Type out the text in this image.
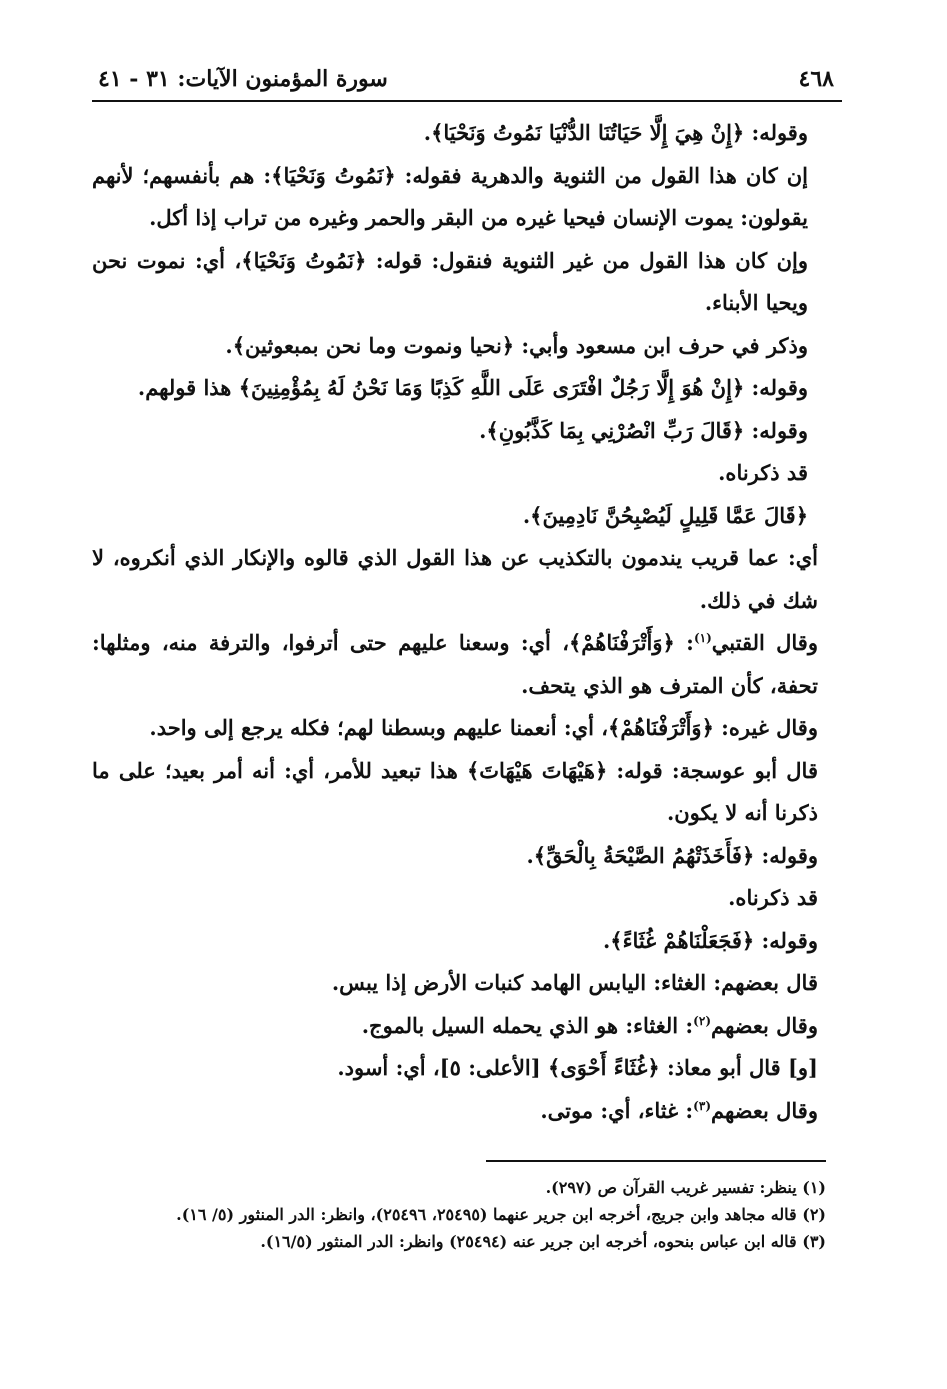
٤٦٨
سورة المؤمنون الآيات: ٣١ - ٤١

وقوله: ﴿إِنْ هِيَ إِلَّا حَيَاتُنَا الدُّنْيَا نَمُوتُ وَنَحْيَا﴾.

إن كان هذا القول من الثنوية والدهرية فقوله: ﴿نَمُوتُ وَنَحْيَا﴾: هم بأنفسهم؛ لأنهم يقولون: يموت الإنسان فيحيا غيره من البقر والحمر وغيره من تراب إذا أكل.

وإن كان هذا القول من غير الثنوية فنقول: قوله: ﴿نَمُوتُ وَنَحْيَا﴾، أي: نموت نحن ويحيا الأبناء.

وذكر في حرف ابن مسعود وأبي: ﴿نحيا ونموت وما نحن بمبعوثين﴾.

وقوله: ﴿إِنْ هُوَ إِلَّا رَجُلٌ افْتَرَى عَلَى اللَّهِ كَذِبًا وَمَا نَحْنُ لَهُ بِمُؤْمِنِينَ﴾ هذا قولهم.

وقوله: ﴿قَالَ رَبِّ انْصُرْنِي بِمَا كَذَّبُونِ﴾.

قد ذكرناه.

﴿قَالَ عَمَّا قَلِيلٍ لَيُصْبِحُنَّ نَادِمِينَ﴾.

أي: عما قريب يندمون بالتكذيب عن هذا القول الذي قالوه والإنكار الذي أنكروه، لا شك في ذلك.

وقال القتبي$^{(١)}$: ﴿وَأَتْرَفْنَاهُمْ﴾، أي: وسعنا عليهم حتى أترفوا، والترفة منه، ومثلها: تحفة، كأن المترف هو الذي يتحف.

وقال غيره: ﴿وَأَتْرَفْنَاهُمْ﴾، أي: أنعمنا عليهم وبسطنا لهم؛ فكله يرجع إلى واحد.

قال أبو عوسجة: قوله: ﴿هَيْهَاتَ هَيْهَاتَ﴾ هذا تبعيد للأمر، أي: أنه أمر بعيد؛ على ما ذكرنا أنه لا يكون.

وقوله: ﴿فَأَخَذَتْهُمُ الصَّيْحَةُ بِالْحَقِّ﴾.

قد ذكرناه.

وقوله: ﴿فَجَعَلْنَاهُمْ غُثَاءً﴾.

قال بعضهم: الغثاء: اليابس الهامد كنبات الأرض إذا يبس.

وقال بعضهم$^{(٢)}$: الغثاء: هو الذي يحمله السيل بالموج.

[و] قال أبو معاذ: ﴿غُثَاءً أَحْوَى﴾ [الأعلى: ٥]، أي: أسود.

وقال بعضهم$^{(٣)}$: غثاء، أي: موتى.

(١) ينظر: تفسير غريب القرآن ص (٢٩٧).

(٢) قاله مجاهد وابن جريج، أخرجه ابن جرير عنهما (٢٥٤٩٥، ٢٥٤٩٦)، وانظر: الدر المنثور (٥/ ١٦).

(٣) قاله ابن عباس بنحوه، أخرجه ابن جرير عنه (٢٥٤٩٤) وانظر: الدر المنثور (١٦/٥).
